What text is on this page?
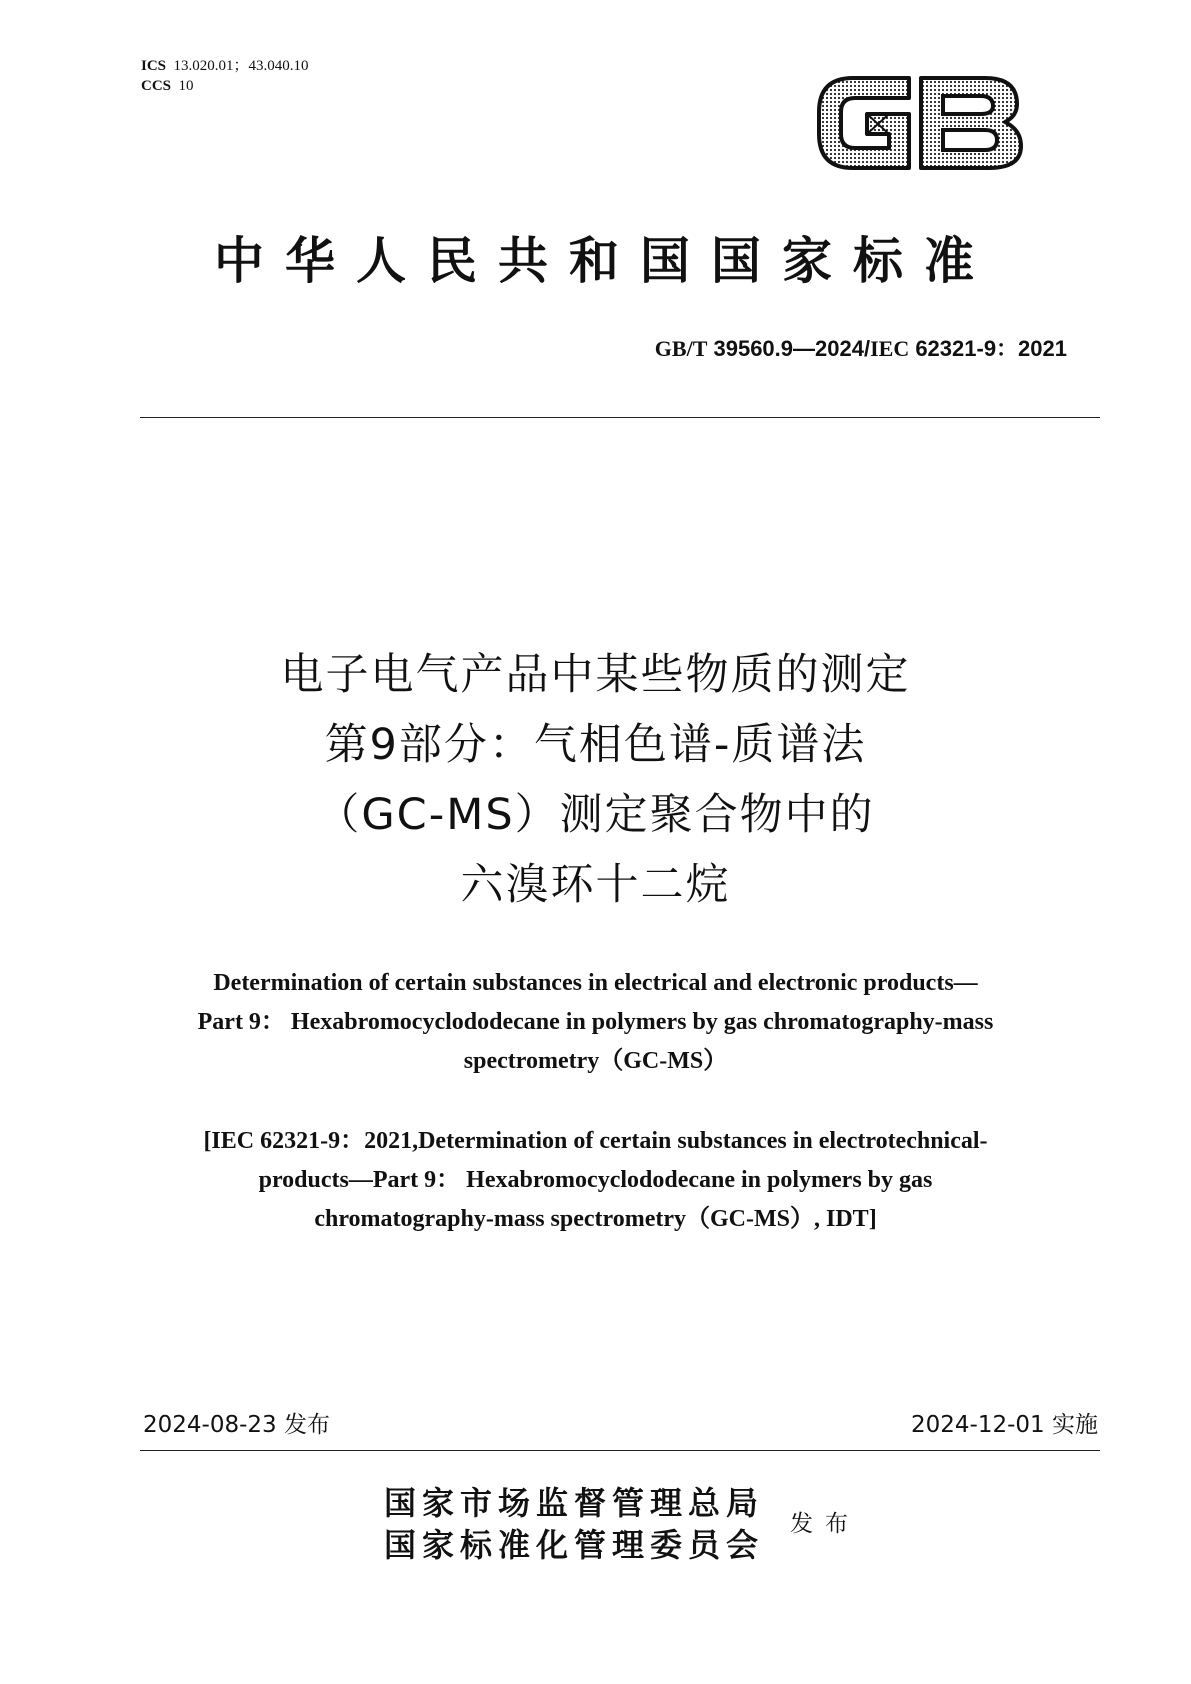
ICS 13.020.01；43.040.10
CCS 10
中华人民共和国国家标准
GB/T 39560.9—2024/IEC 62321-9：2021
电子电气产品中某些物质的测定
第9部分：气相色谱-质谱法
（GC-MS）测定聚合物中的
六溴环十二烷
Determination of certain substances in electrical and electronic products—
Part 9： Hexabromocyclododecane in polymers by gas chromatography-mass
spectrometry（GC-MS）
[IEC 62321-9：2021,Determination of certain substances in electrotechnical-
products—Part 9： Hexabromocyclododecane in polymers by gas
chromatography-mass spectrometry（GC-MS）, IDT]
2024-08-23 发布	2024-12-01 实施
国家市场监督管理总局
国家标准化管理委员会
发布
